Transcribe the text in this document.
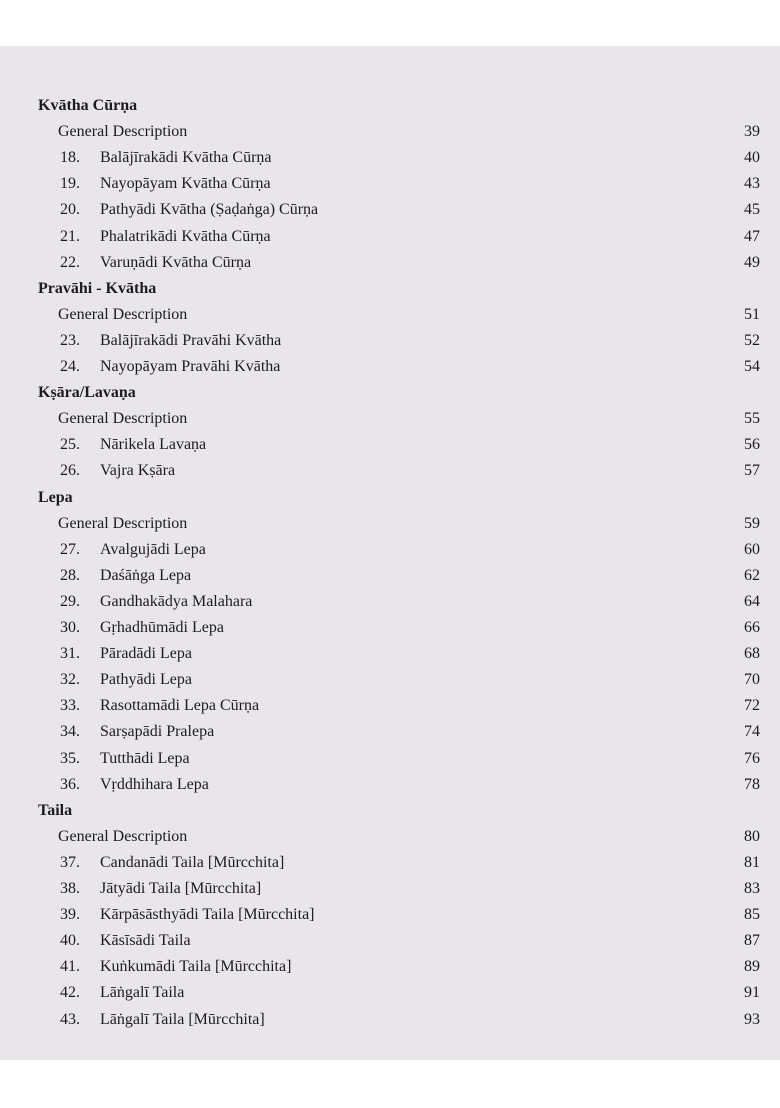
Kvātha Cūrṇa
General Description	39
18. Balājīrakādi Kvātha Cūrṇa	40
19. Nayopāyam Kvātha Cūrṇa	43
20. Pathyādi Kvātha (Ṣaḍaṅga) Cūrṇa	45
21. Phalatrikādi Kvātha Cūrṇa	47
22. Varuṇādi Kvātha Cūrṇa	49
Pravāhi - Kvātha
General Description	51
23. Balājīrakādi Pravāhi Kvātha	52
24. Nayopāyam Pravāhi Kvātha	54
Kṣāra/Lavaṇa
General Description	55
25. Nārikela Lavaṇa	56
26. Vajra Kṣāra	57
Lepa
General Description	59
27. Avalgujādi Lepa	60
28. Daśāṅga Lepa	62
29. Gandhakādya Malahara	64
30. Gṛhadhūmādi Lepa	66
31. Pāradādi Lepa	68
32. Pathyādi Lepa	70
33. Rasottamādi Lepa Cūrṇa	72
34. Sarṣapādi Pralepa	74
35. Tutthādi Lepa	76
36. Vṛddhihara Lepa	78
Taila
General Description	80
37. Candanādi Taila [Mūrcchita]	81
38. Jātyādi Taila [Mūrcchita]	83
39. Kārpāsāsthyādi Taila [Mūrcchita]	85
40. Kāsīsādi Taila	87
41. Kuṅkumādi Taila [Mūrcchita]	89
42. Lāṅgalī Taila	91
43. Lāṅgalī Taila [Mūrcchita]	93
